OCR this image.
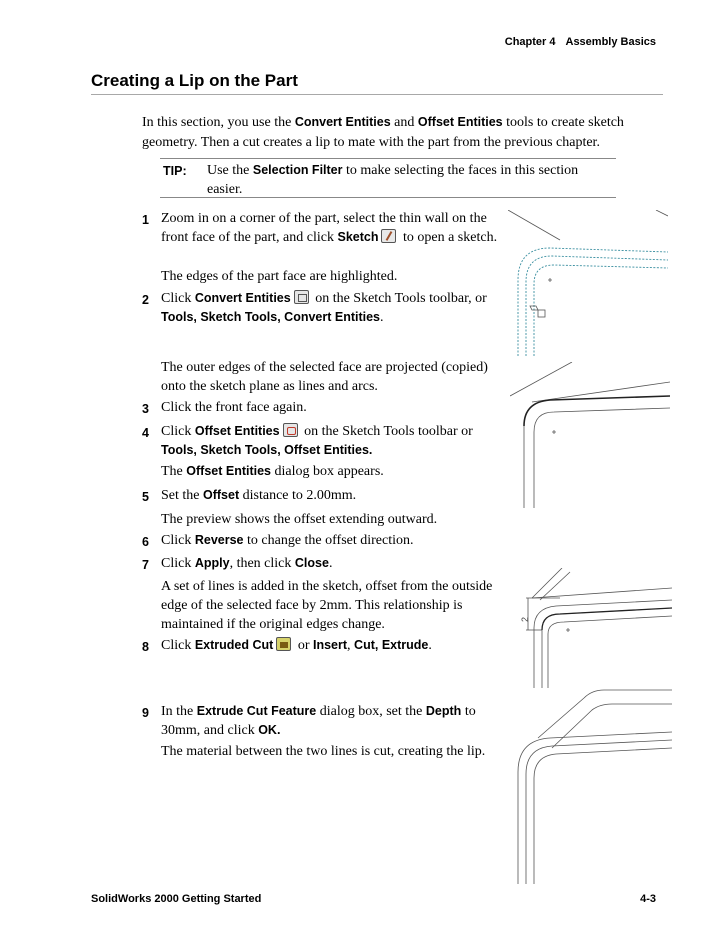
Chapter 4 Assembly Basics
Creating a Lip on the Part
In this section, you use the Convert Entities and Offset Entities tools to create sketch geometry. Then a cut creates a lip to mate with the part from the previous chapter.
TIP: Use the Selection Filter to make selecting the faces in this section easier.
1 Zoom in on a corner of the part, select the thin wall on the front face of the part, and click Sketch to open a sketch.
The edges of the part face are highlighted.
2 Click Convert Entities on the Sketch Tools toolbar, or Tools, Sketch Tools, Convert Entities.
The outer edges of the selected face are projected (copied) onto the sketch plane as lines and arcs.
3 Click the front face again.
4 Click Offset Entities on the Sketch Tools toolbar or Tools, Sketch Tools, Offset Entities.
The Offset Entities dialog box appears.
5 Set the Offset distance to 2.00mm.
The preview shows the offset extending outward.
6 Click Reverse to change the offset direction.
7 Click Apply, then click Close.
A set of lines is added in the sketch, offset from the outside edge of the selected face by 2mm. This relationship is maintained if the original edges change.
8 Click Extruded Cut or Insert, Cut, Extrude.
9 In the Extrude Cut Feature dialog box, set the Depth to 30mm, and click OK.
The material between the two lines is cut, creating the lip.
2
SolidWorks 2000 Getting Started	4-3
